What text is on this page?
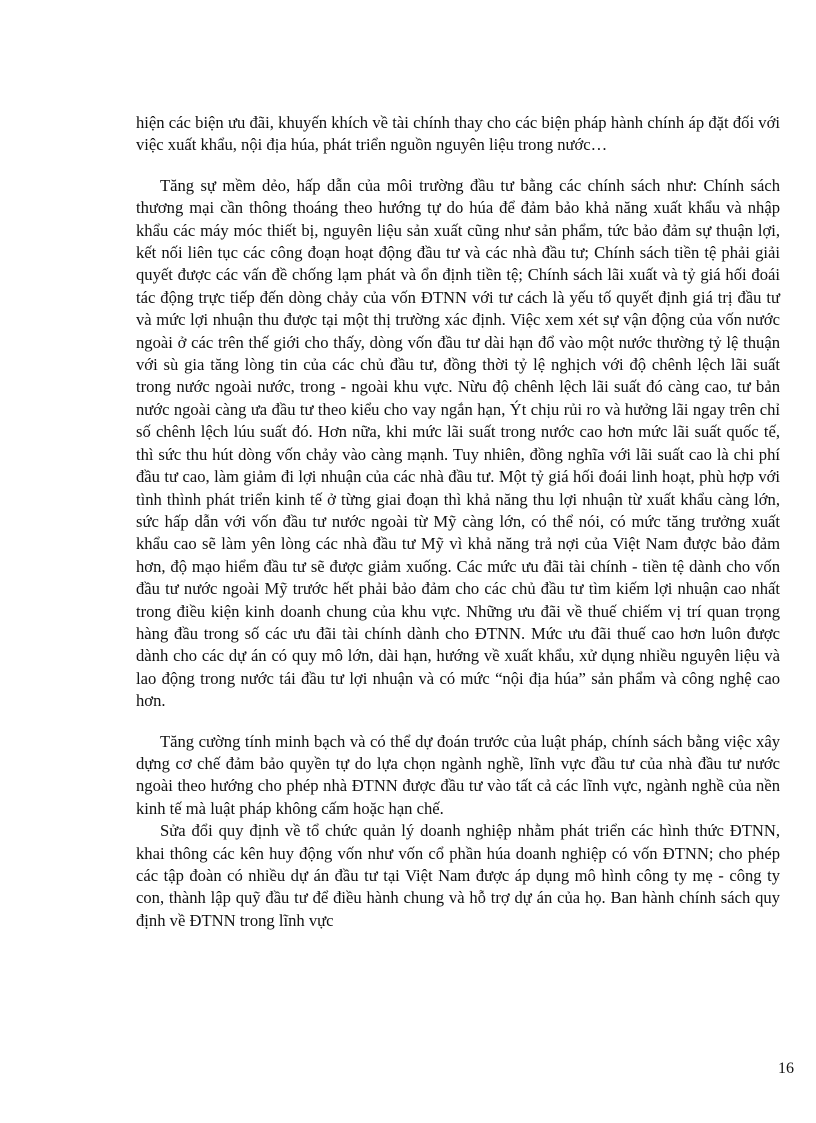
hiện các biện ưu đãi, khuyến khích về tài chính thay cho các biện pháp hành chính áp đặt đối với việc xuất khẩu, nội địa húa, phát triển nguồn nguyên liệu trong nước…

Tăng sự mềm dẻo, hấp dẫn của môi trường đầu tư bằng các chính sách như: Chính sách thương mại cần thông thoáng theo hướng tự do húa để đảm bảo khả năng xuất khẩu và nhập khẩu các máy móc thiết bị, nguyên liệu sản xuất cũng như sản phẩm, tức bảo đảm sự thuận lợi, kết nối liên tục các công đoạn hoạt động đầu tư và các nhà đầu tư; Chính sách tiền tệ phải giải quyết được các vấn đề chống lạm phát và ổn định tiền tệ; Chính sách lãi xuất và tỷ giá hối đoái tác động trực tiếp đến dòng chảy của vốn ĐTNN với tư cách là yếu tố quyết định giá trị đầu tư và mức lợi nhuận thu được tại một thị trường xác định. Việc xem xét sự vận động của vốn nước ngoài ở các trên thế giới cho thấy, dòng vốn đầu tư dài hạn đổ vào một nước thường tỷ lệ thuận với sù gia tăng lòng tin của các chủ đầu tư, đồng thời tỷ lệ nghịch với độ chênh lệch lãi suất trong nước ngoài nước, trong - ngoài khu vực. Nừu độ chênh lệch lãi suất đó càng cao, tư bản nước ngoài càng ưa đầu tư theo kiểu cho vay ngắn hạn, Ýt chịu rủi ro và hưởng lãi ngay trên chỉ số chênh lệch lúu suất đó. Hơn nữa, khi mức lãi suất trong nước cao hơn mức lãi suất quốc tế, thì sức thu hút dòng vốn chảy vào càng mạnh. Tuy nhiên, đồng nghĩa với lãi suất cao là chi phí đầu tư cao, làm giảm đi lợi nhuận của các nhà đầu tư. Một tỷ giá hối đoái linh hoạt, phù hợp với tình thình phát triển kinh tế ở từng giai đoạn thì khả năng thu lợi nhuận từ xuất khẩu càng lớn, sức hấp dẫn với vốn đầu tư nước ngoài từ Mỹ càng lớn, có thể nói, có mức tăng trưởng xuất khẩu cao sẽ làm yên lòng các nhà đầu tư Mỹ vì khả năng trả nợi của Việt Nam được bảo đảm hơn, độ mạo hiểm đầu tư sẽ được giảm xuống. Các mức ưu đãi tài chính - tiền tệ dành cho vốn đầu tư nước ngoài Mỹ trước hết phải bảo đảm cho các chủ đầu tư tìm kiếm lợi nhuận cao nhất trong điều kiện kinh doanh chung của khu vực. Những ưu đãi về thuế chiếm vị trí quan trọng hàng đầu trong số các ưu đãi tài chính dành cho ĐTNN. Mức ưu đãi thuế cao hơn luôn được dành cho các dự án có quy mô lớn, dài hạn, hướng về xuất khẩu, xử dụng nhiều nguyên liệu và lao động trong nước tái đầu tư lợi nhuận và có mức “nội địa húa” sản phẩm và công nghệ cao hơn.

Tăng cường tính minh bạch và có thể dự đoán trước của luật pháp, chính sách bằng việc xây dựng cơ chế đảm bảo quyền tự do lựa chọn ngành nghề, lĩnh vực đầu tư của nhà đầu tư nước ngoài theo hướng cho phép nhà ĐTNN được đầu tư vào tất cả các lĩnh vực, ngành nghề của nền kinh tế mà luật pháp không cấm hoặc hạn chế.

Sửa đổi quy định về tổ chức quản lý doanh nghiệp nhằm phát triển các hình thức ĐTNN, khai thông các kên huy động vốn như vốn cổ phần húa doanh nghiệp có vốn ĐTNN; cho phép các tập đoàn có nhiều dự án đầu tư tại Việt Nam được áp dụng mô hình công ty mẹ - công ty con, thành lập quỹ đầu tư để điều hành chung và hỗ trợ dự án của họ. Ban hành chính sách quy định về ĐTNN trong lĩnh vực

16
